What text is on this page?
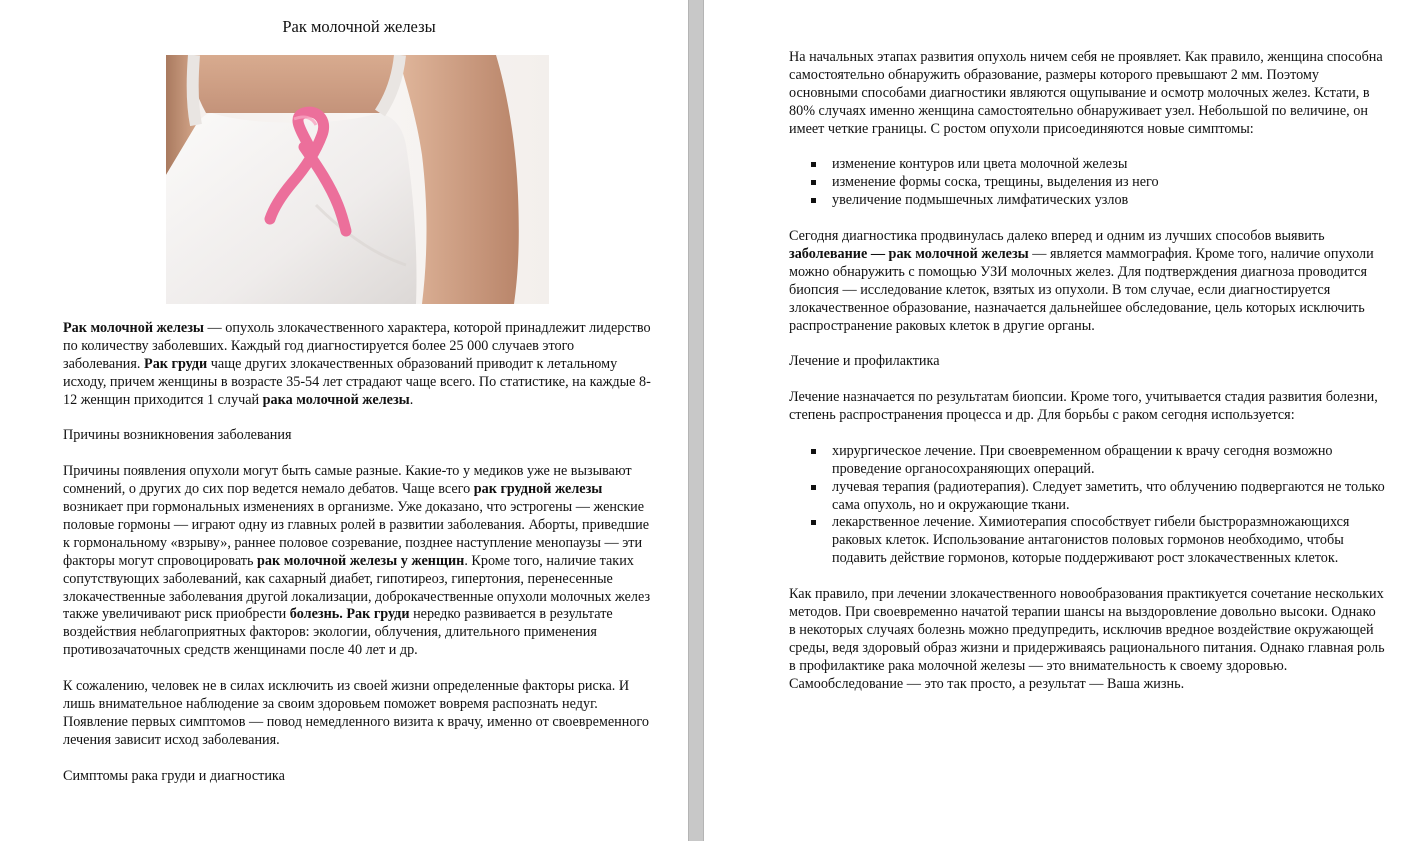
Рак молочной железы

Рак молочной железы — опухоль злокачественного характера, которой принадлежит лидерство по количеству заболевших. Каждый год диагностируется более 25 000 случаев этого заболевания. Рак груди чаще других злокачественных образований приводит к летальному исходу, причем женщины в возрасте 35-54 лет страдают чаще всего. По статистике, на каждые 8-12 женщин приходится 1 случай рака молочной железы.

Причины возникновения заболевания

Причины появления опухоли могут быть самые разные. Какие-то у медиков уже не вызывают сомнений, о других до сих пор ведется немало дебатов. Чаще всего рак грудной железы возникает при гормональных изменениях в организме. Уже доказано, что эстрогены — женские половые гормоны — играют одну из главных ролей в развитии заболевания. Аборты, приведшие к гормональному «взрыву», раннее половое созревание, позднее наступление менопаузы — эти факторы могут спровоцировать рак молочной железы у женщин. Кроме того, наличие таких сопутствующих заболеваний, как сахарный диабет, гипотиреоз, гипертония, перенесенные злокачественные заболевания другой локализации, доброкачественные опухоли молочных желез также увеличивают риск приобрести болезнь. Рак груди нередко развивается в результате воздействия неблагоприятных факторов: экологии, облучения, длительного применения противозачаточных средств женщинами после 40 лет и др.

К сожалению, человек не в силах исключить из своей жизни определенные факторы риска. И лишь внимательное наблюдение за своим здоровьем поможет вовремя распознать недуг. Появление первых симптомов — повод немедленного визита к врачу, именно от своевременного лечения зависит исход заболевания.

Симптомы рака груди и диагностика

На начальных этапах развития опухоль ничем себя не проявляет. Как правило, женщина способна самостоятельно обнаружить образование, размеры которого превышают 2 мм. Поэтому основными способами диагностики являются ощупывание и осмотр молочных желез. Кстати, в 80% случаях именно женщина самостоятельно обнаруживает узел. Небольшой по величине, он имеет четкие границы. С ростом опухоли присоединяются новые симптомы:

изменение контуров или цвета молочной железы
изменение формы соска, трещины, выделения из него
увеличение подмышечных лимфатических узлов

Сегодня диагностика продвинулась далеко вперед и одним из лучших способов выявить заболевание — рак молочной железы — является маммография. Кроме того, наличие опухоли можно обнаружить с помощью УЗИ молочных желез. Для подтверждения диагноза проводится биопсия — исследование клеток, взятых из опухоли. В том случае, если диагностируется злокачественное образование, назначается дальнейшее обследование, цель которых исключить распространение раковых клеток в другие органы.

Лечение и профилактика

Лечение назначается по результатам биопсии. Кроме того, учитывается стадия развития болезни, степень распространения процесса и др. Для борьбы с раком сегодня используется:

хирургическое лечение. При своевременном обращении к врачу сегодня возможно проведение органосохраняющих операций.
лучевая терапия (радиотерапия). Следует заметить, что облучению подвергаются не только сама опухоль, но и окружающие ткани.
лекарственное лечение. Химиотерапия способствует гибели быстроразмножающихся раковых клеток. Использование антагонистов половых гормонов необходимо, чтобы подавить действие гормонов, которые поддерживают рост злокачественных клеток.

Как правило, при лечении злокачественного новообразования практикуется сочетание нескольких методов. При своевременно начатой терапии шансы на выздоровление довольно высоки. Однако в некоторых случаях болезнь можно предупредить, исключив вредное воздействие окружающей среды, ведя здоровый образ жизни и придерживаясь рационального питания. Однако главная роль в профилактике рака молочной железы — это внимательность к своему здоровью. Самообследование — это так просто, а результат — Ваша жизнь.
